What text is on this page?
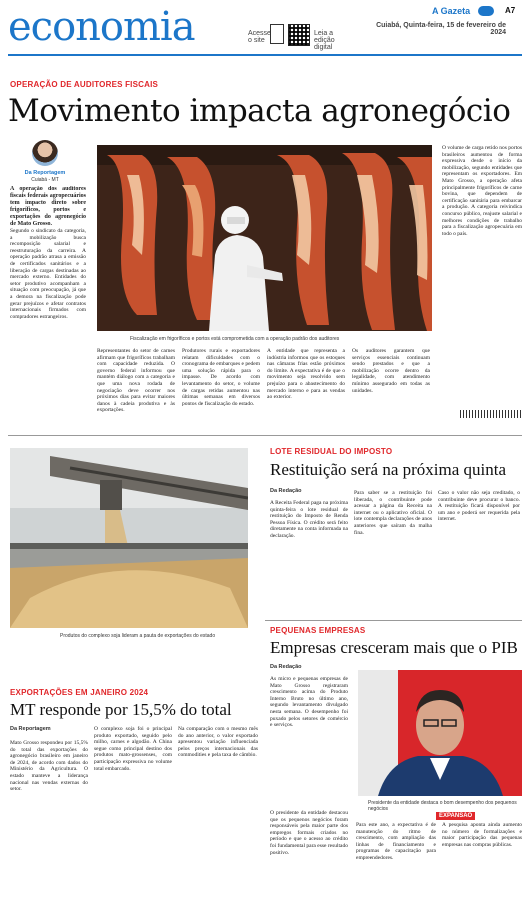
economia	Acesse o site
Leia a edição digital
A Gazeta	A7
Cuiabá, Quinta-feira, 15 de fevereiro de 2024
OPERAÇÃO DE AUDITORES FISCAIS
Movimento impacta agronegócio
Da Reportagem
Cuiabá - MT
A operação dos auditores fiscais federais agropecuários tem impacto direto sobre frigoríficos, portos e exportações do agronegócio de Mato Grosso.
Segundo o sindicato da categoria, a mobilização busca recomposição salarial e reestruturação da carreira. A operação padrão atrasa a emissão de certificados sanitários e a liberação de cargas destinadas ao mercado externo. Entidades do setor produtivo acompanham a situação com preocupação, já que a demora na fiscalização pode gerar prejuízos e afetar contratos internacionais firmados com compradores estrangeiros.
Fiscalização em frigoríficos e portos está comprometida com a operação padrão dos auditores
Representantes do setor de carnes afirmam que frigoríficos trabalham com capacidade reduzida. O governo federal informou que mantém diálogo com a categoria e que uma nova rodada de negociação deve ocorrer nos próximos dias para evitar maiores danos à cadeia produtiva e às exportações.
Produtores rurais e exportadores relatam dificuldades com o cronograma de embarques e pedem uma solução rápida para o impasse. De acordo com levantamento do setor, o volume de cargas retidas aumentou nas últimas semanas em diversos pontos de fiscalização do estado.
A entidade que representa a indústria informou que os estoques nas câmaras frias estão próximos do limite. A expectativa é de que o movimento seja resolvido sem prejuízo para o abastecimento do mercado interno e para as vendas ao exterior.
Os auditores garantem que serviços essenciais continuam sendo prestados e que a mobilização ocorre dentro da legalidade, com atendimento mínimo assegurado em todas as unidades.
O volume de carga retido nos portos brasileiros aumentou de forma expressiva desde o início da mobilização, segundo entidades que representam os exportadores. Em Mato Grosso, a operação afeta principalmente frigoríficos de carne bovina, que dependem de certificação sanitária para embarcar a produção. A categoria reivindica concurso público, reajuste salarial e melhores condições de trabalho para a fiscalização agropecuária em todo o país.
Produtos do complexo soja lideram a pauta de exportações do estado
LOTE RESIDUAL DO IMPOSTO
Restituição será na próxima quinta
Da Redação
A Receita Federal paga na próxima quinta-feira o lote residual de restituição do Imposto de Renda Pessoa Física. O crédito será feito diretamente na conta informada na declaração.
Para saber se a restituição foi liberada, o contribuinte pode acessar a página da Receita na internet ou o aplicativo oficial. O lote contempla declarações de anos anteriores que saíram da malha fina.
Caso o valor não seja creditado, o contribuinte deve procurar o banco. A restituição ficará disponível por um ano e poderá ser requerida pela internet.
PEQUENAS EMPRESAS
Empresas cresceram mais que o PIB
Da Redação
As micro e pequenas empresas de Mato Grosso registraram crescimento acima do Produto Interno Bruto no último ano, segundo levantamento divulgado nesta semana. O desempenho foi puxado pelos setores de comércio e serviços.
O presidente da entidade destacou que os pequenos negócios foram responsáveis pela maior parte dos empregos formais criados no período e que o acesso ao crédito foi fundamental para esse resultado positivo.
Presidente da entidade destaca o bom desempenho dos pequenos negócios
EXPANSÃO
Para este ano, a expectativa é de manutenção do ritmo de crescimento, com ampliação das linhas de financiamento e programas de capacitação para empreendedores.
A pesquisa aponta ainda aumento no número de formalizações e maior participação das pequenas empresas nas compras públicas.
EXPORTAÇÕES EM JANEIRO 2024
MT responde por 15,5% do total
Da Reportagem
Mato Grosso respondeu por 15,5% do total das exportações do agronegócio brasileiro em janeiro de 2024, de acordo com dados do Ministério da Agricultura. O estado manteve a liderança nacional nas vendas externas do setor.
O complexo soja foi o principal produto exportado, seguido pelo milho, carnes e algodão. A China segue como principal destino dos produtos mato-grossenses, com participação expressiva no volume total embarcado.
Na comparação com o mesmo mês do ano anterior, o valor exportado apresentou variação influenciada pelos preços internacionais das commodities e pela taxa de câmbio.
